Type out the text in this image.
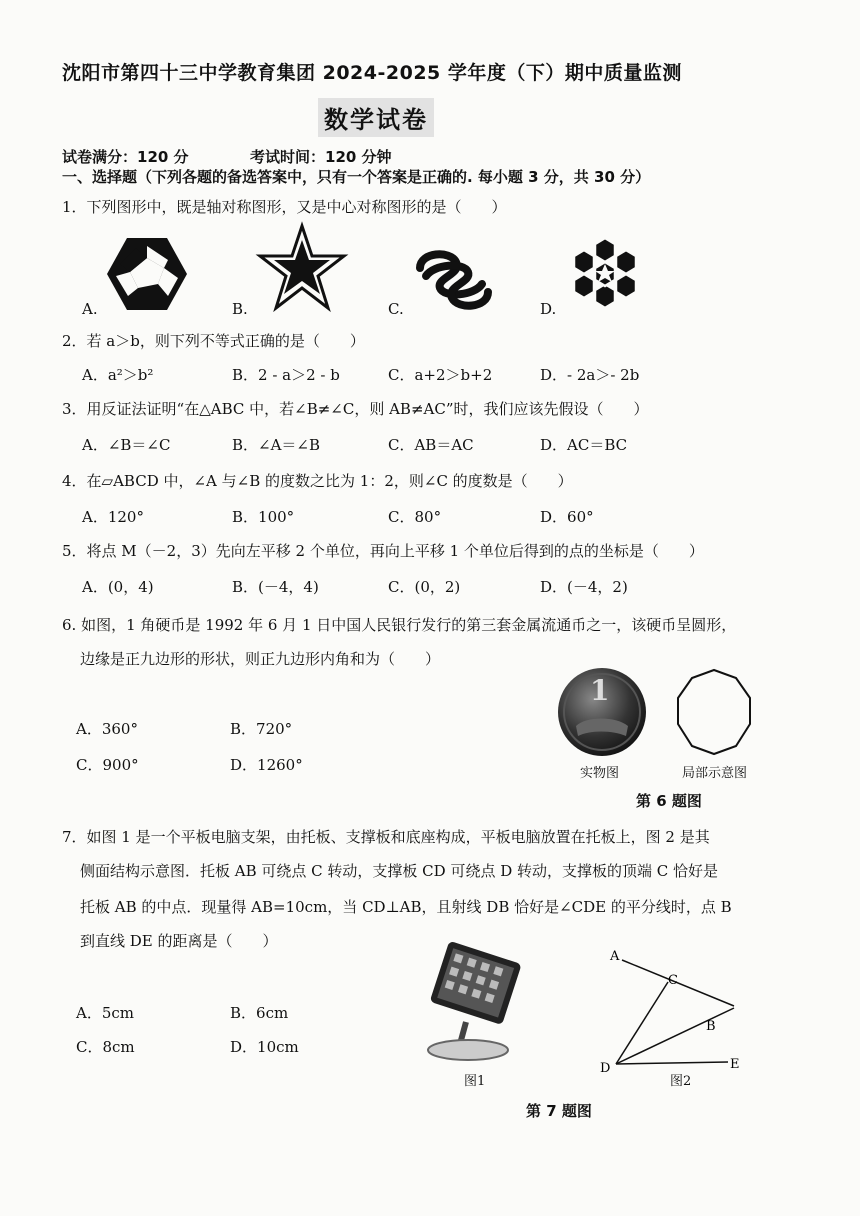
沈阳市第四十三中学教育集团 2024-2025 学年度（下）期中质量监测
数学试卷
试卷满分：120 分	考试时间：120 分钟
一、选择题（下列各题的备选答案中，只有一个答案是正确的. 每小题 3 分，共 30 分）
1．下列图形中，既是轴对称图形，又是中心对称图形的是（　　）
A.	B.	C.	D.
2．若 a＞b，则下列不等式正确的是（　　）
A．a²＞b²	B．2 - a＞2 - b	C．a+2＞b+2	D．- 2a＞- 2b
3．用反证法证明“在△ABC 中，若∠B≠∠C，则 AB≠AC”时，我们应该先假设（　　）
A．∠B＝∠C	B．∠A＝∠B	C．AB＝AC	D．AC＝BC
4．在▱ABCD 中，∠A 与∠B 的度数之比为 1：2，则∠C 的度数是（　　）
A．120°	B．100°	C．80°	D．60°
5．将点 M（－2，3）先向左平移 2 个单位，再向上平移 1 个单位后得到的点的坐标是（　　）
A．(0，4)	B．(－4，4)	C．(0，2)	D．(－4，2)
6. 如图，1 角硬币是 1992 年 6 月 1 日中国人民银行发行的第三套金属流通币之一，该硬币呈圆形，
边缘是正九边形的形状，则正九边形内角和为（　　）
A．360°	B．720°
C．900°	D．1260°
1
实物图	局部示意图
第 6 题图
7．如图 1 是一个平板电脑支架，由托板、支撑板和底座构成，平板电脑放置在托板上，图 2 是其
侧面结构示意图．托板 AB 可绕点 C 转动，支撑板 CD 可绕点 D 转动，支撑板的顶端 C 恰好是
托板 AB 的中点．现量得 AB=10cm，当 CD⊥AB，且射线 DB 恰好是∠CDE 的平分线时，点 B
到直线 DE 的距离是（　　）
A．5cm	B．6cm
C．8cm	D．10cm
图1
A
C
B
D	E
图2
第 7 题图
